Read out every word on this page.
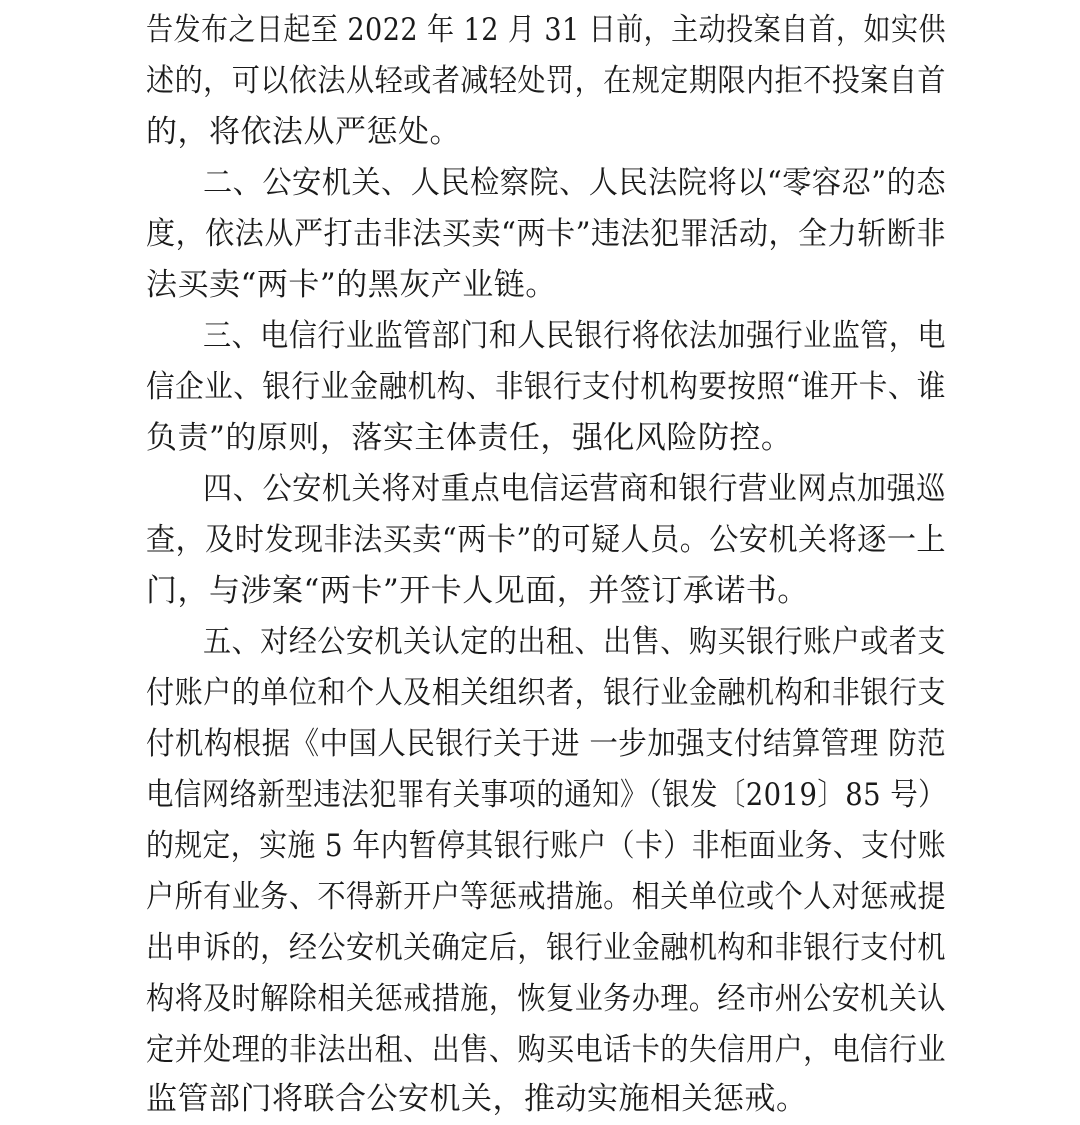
告发布之日起至 2022 年 12 月 31 日前，主动投案自首，如实供
述的，可以依法从轻或者减轻处罚，在规定期限内拒不投案自首
的，将依法从严惩处。
二、公安机关、人民检察院、人民法院将以“零容忍”的态
度，依法从严打击非法买卖“两卡”违法犯罪活动，全力斩断非
法买卖“两卡”的黑灰产业链。
三、电信行业监管部门和人民银行将依法加强行业监管，电
信企业、银行业金融机构、非银行支付机构要按照“谁开卡、谁
负责”的原则，落实主体责任，强化风险防控。
四、公安机关将对重点电信运营商和银行营业网点加强巡
查，及时发现非法买卖“两卡”的可疑人员。公安机关将逐一上
门，与涉案“两卡”开卡人见面，并签订承诺书。
五、对经公安机关认定的出租、出售、购买银行账户或者支
付账户的单位和个人及相关组织者，银行业金融机构和非银行支
付机构根据《中国人民银行关于进 一步加强支付结算管理 防范
电信网络新型违法犯罪有关事项的通知》（银发〔2019〕85 号）
的规定，实施 5 年内暂停其银行账户（卡）非柜面业务、支付账
户所有业务、不得新开户等惩戒措施。相关单位或个人对惩戒提
出申诉的，经公安机关确定后，银行业金融机构和非银行支付机
构将及时解除相关惩戒措施，恢复业务办理。经市州公安机关认
定并处理的非法出租、出售、购买电话卡的失信用户，电信行业
监管部门将联合公安机关，推动实施相关惩戒。
